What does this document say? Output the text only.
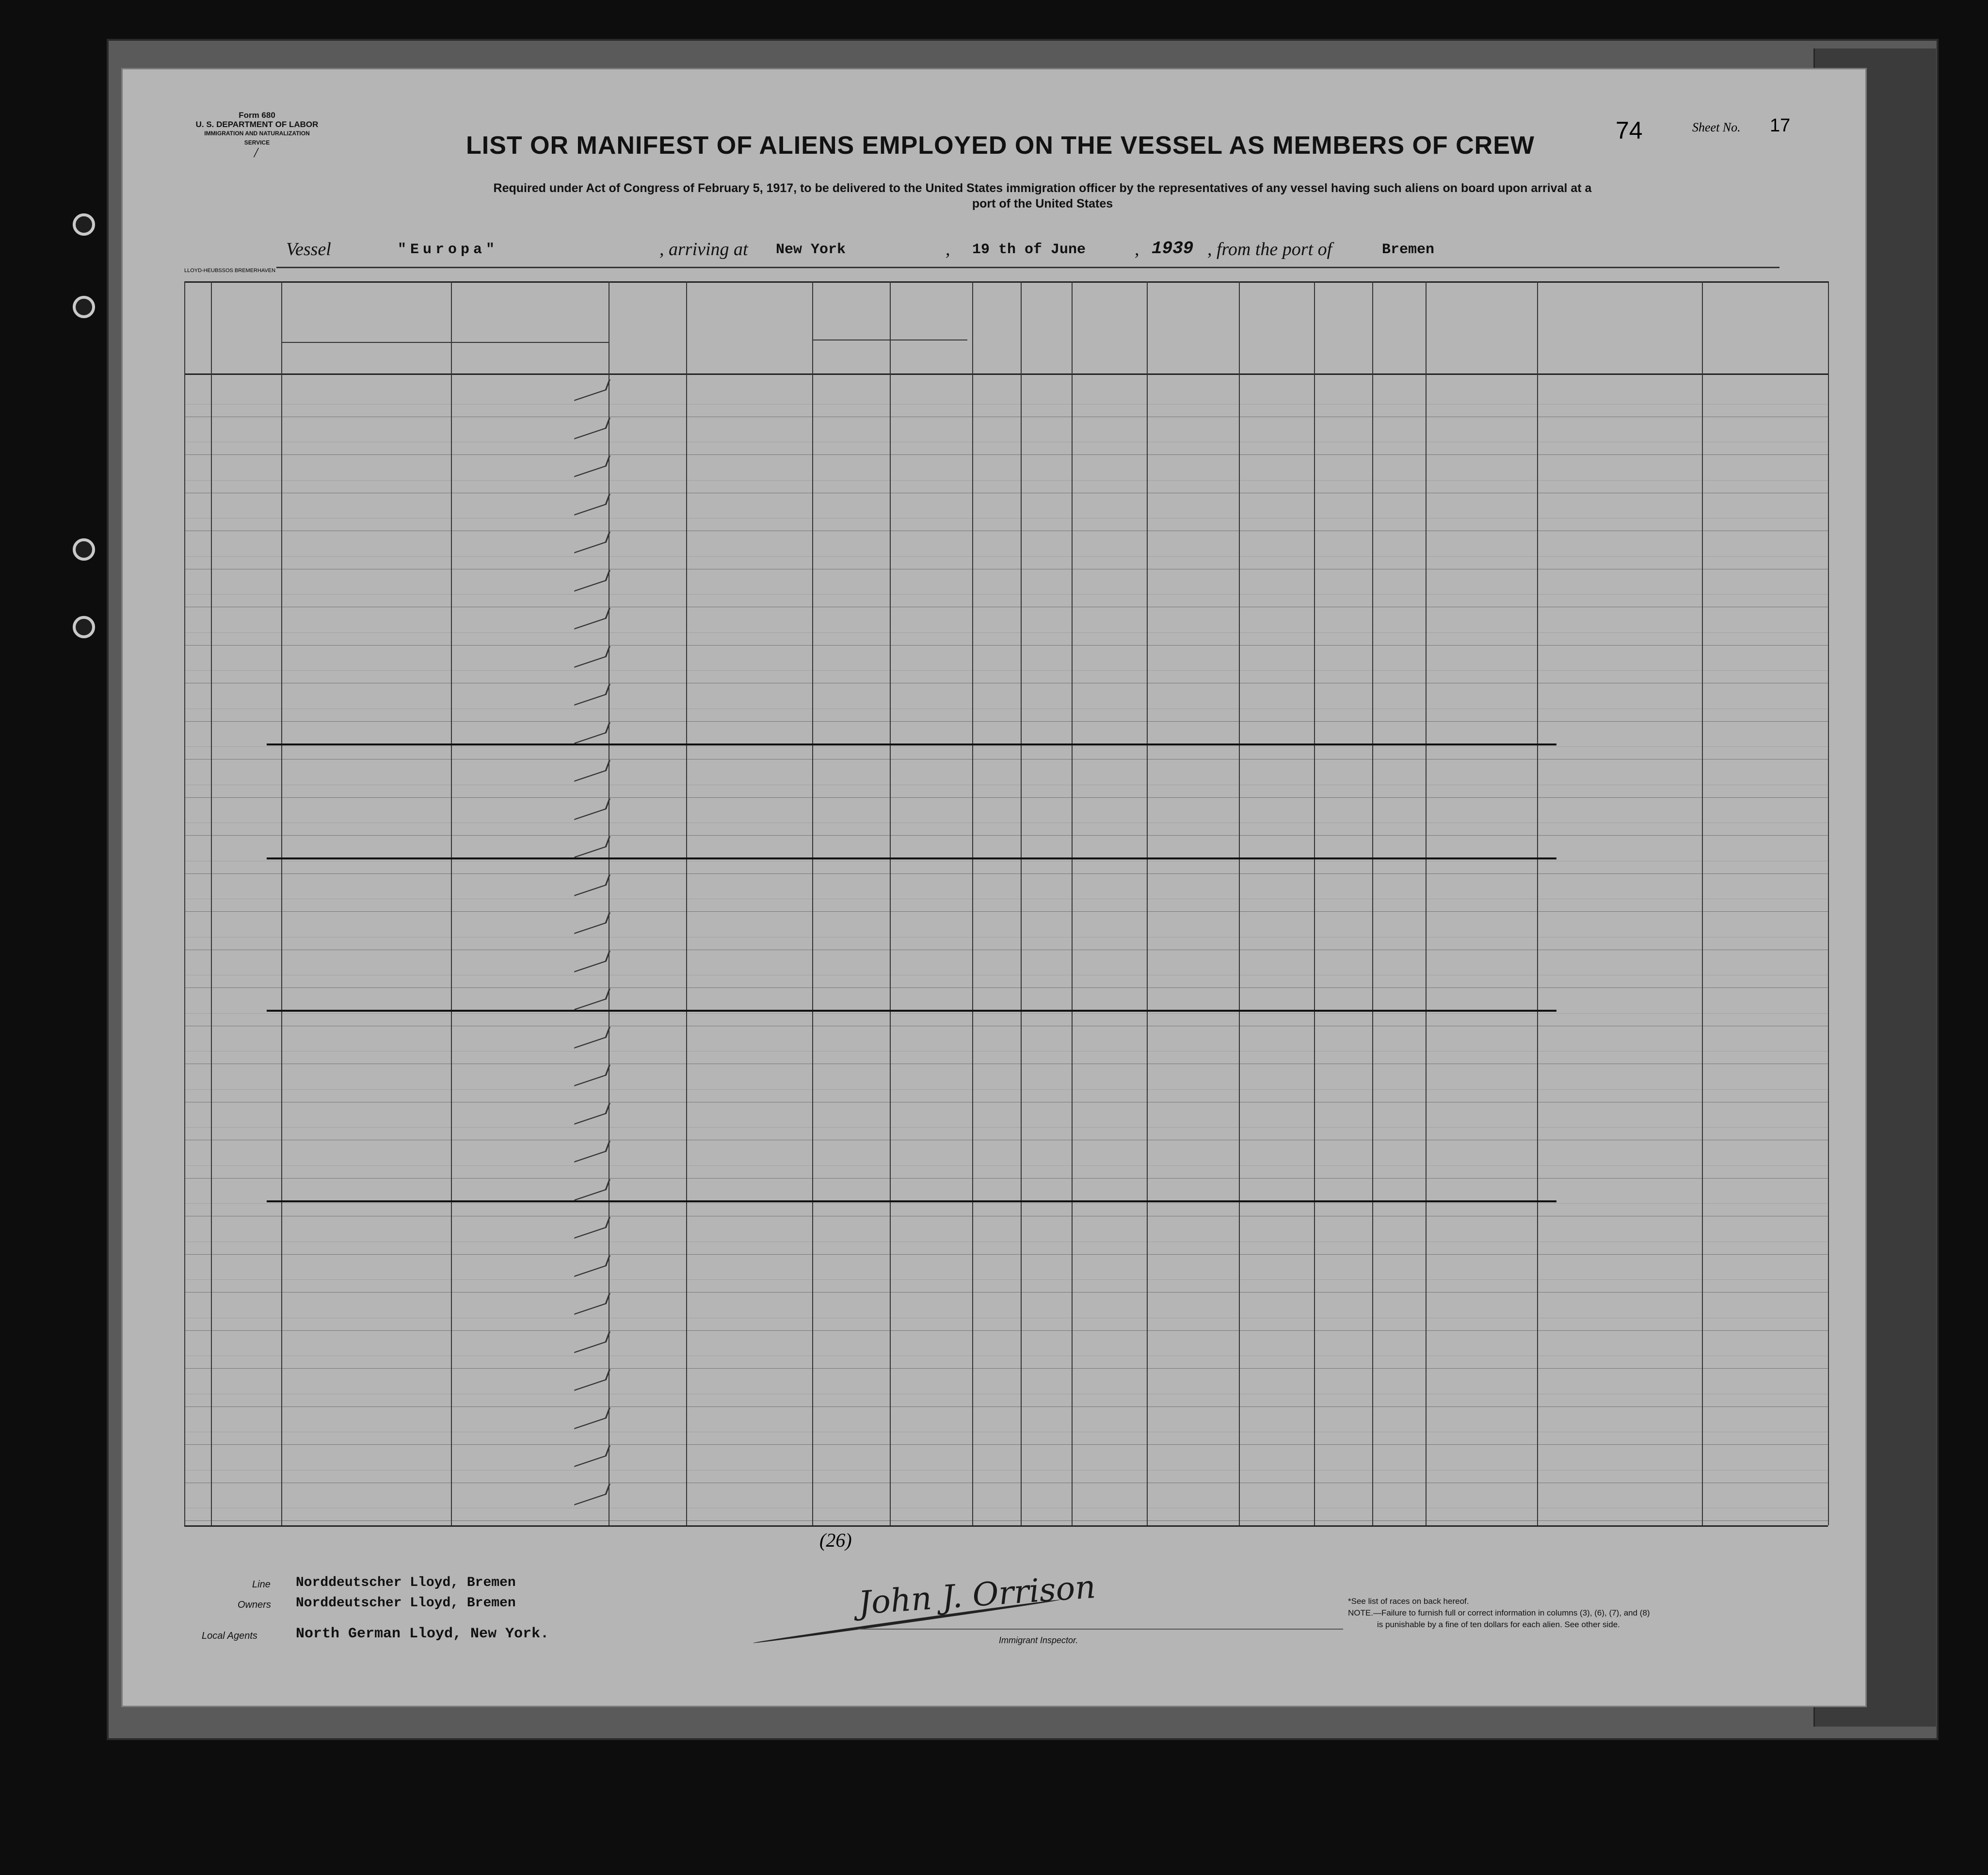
Form 680
U. S. DEPARTMENT OF LABOR
IMMIGRATION AND NATURALIZATION SERVICE
/
74	Sheet No. 17
LIST OR MANIFEST OF ALIENS EMPLOYED ON THE VESSEL AS MEMBERS OF CREW
Required under Act of Congress of February 5, 1917, to be delivered to the United States immigration officer by the representatives of any vessel having such aliens on board upon arrival at a
port of the United States
Vessel	"Europa"	, arriving at New York	, 19 th of June	, 1939 , from the port of	Bremen
LLOYD-HEUBSSOS BREMERHAVEN
(26)
Line Norddeutscher Lloyd, Bremen
Owners Norddeutscher Lloyd, Bremen
Local Agents	North German Lloyd, New York.
John J. Orrison
Immigrant Inspector.
*See list of races on back hereof.
NOTE.—Failure to furnish full or correct information in columns (3), (6), (7), and (8)
is punishable by a fine of ten dollars for each alien. See other side.
